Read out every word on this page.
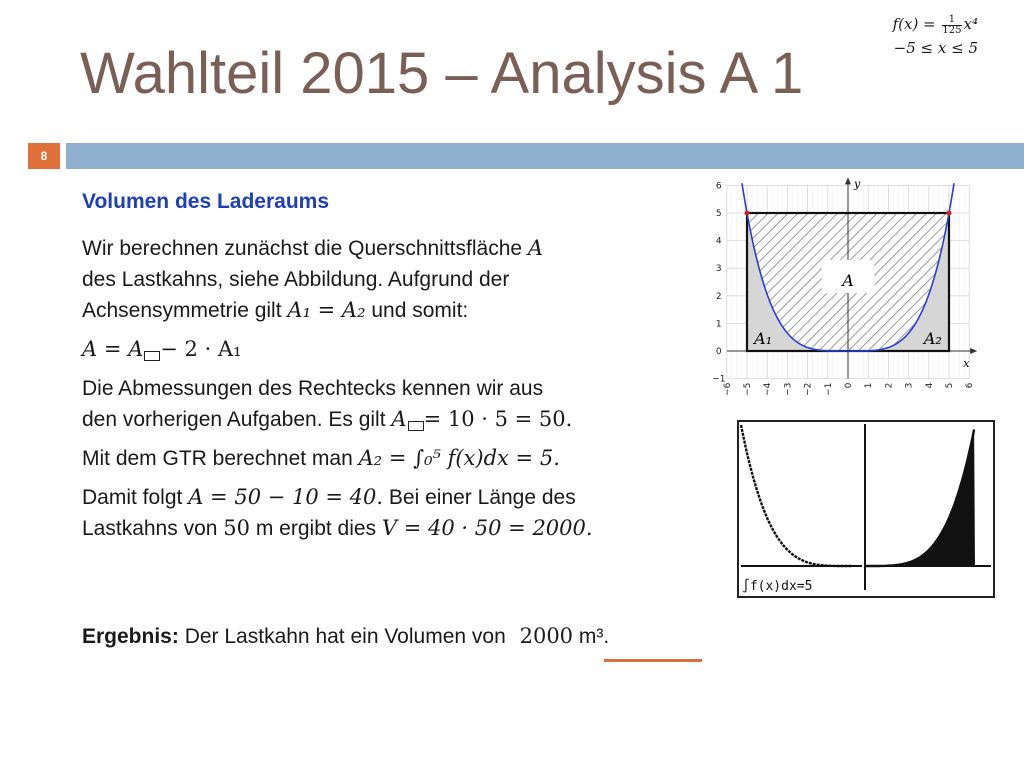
Wahlteil 2015 – Analysis A 1
$f(x) = \frac{1}{125} x^4$
−5 ≤ x ≤ 5
8

Volumen des Laderaums

Wir berechnen zunächst die Querschnittsfläche A
des Lastkahns, siehe Abbildung. Aufgrund der
Achsensymmetrie gilt A₁ = A₂ und somit:

A = A − 2 · A₁

Die Abmessungen des Rechtecks kennen wir aus
den vorherigen Aufgaben. Es gilt A = 10 · 5 = 50.

Mit dem GTR berechnet man A₂ = ∫₀⁵ f(x)dx = 5.

Damit folgt A = 50 − 10 = 40. Bei einer Länge des
Lastkahns von 50 m ergibt dies V = 40 · 50 = 2000.

Ergebnis: Der Lastkahn hat ein Volumen von 2000 m³.
6
5
4
3
2
1
0
−1
−6 −5 −4 −3 −2 −1 0 1 2 3 4 5 6
x
y
A
A₁	A₂
∫f(x)dx=5
